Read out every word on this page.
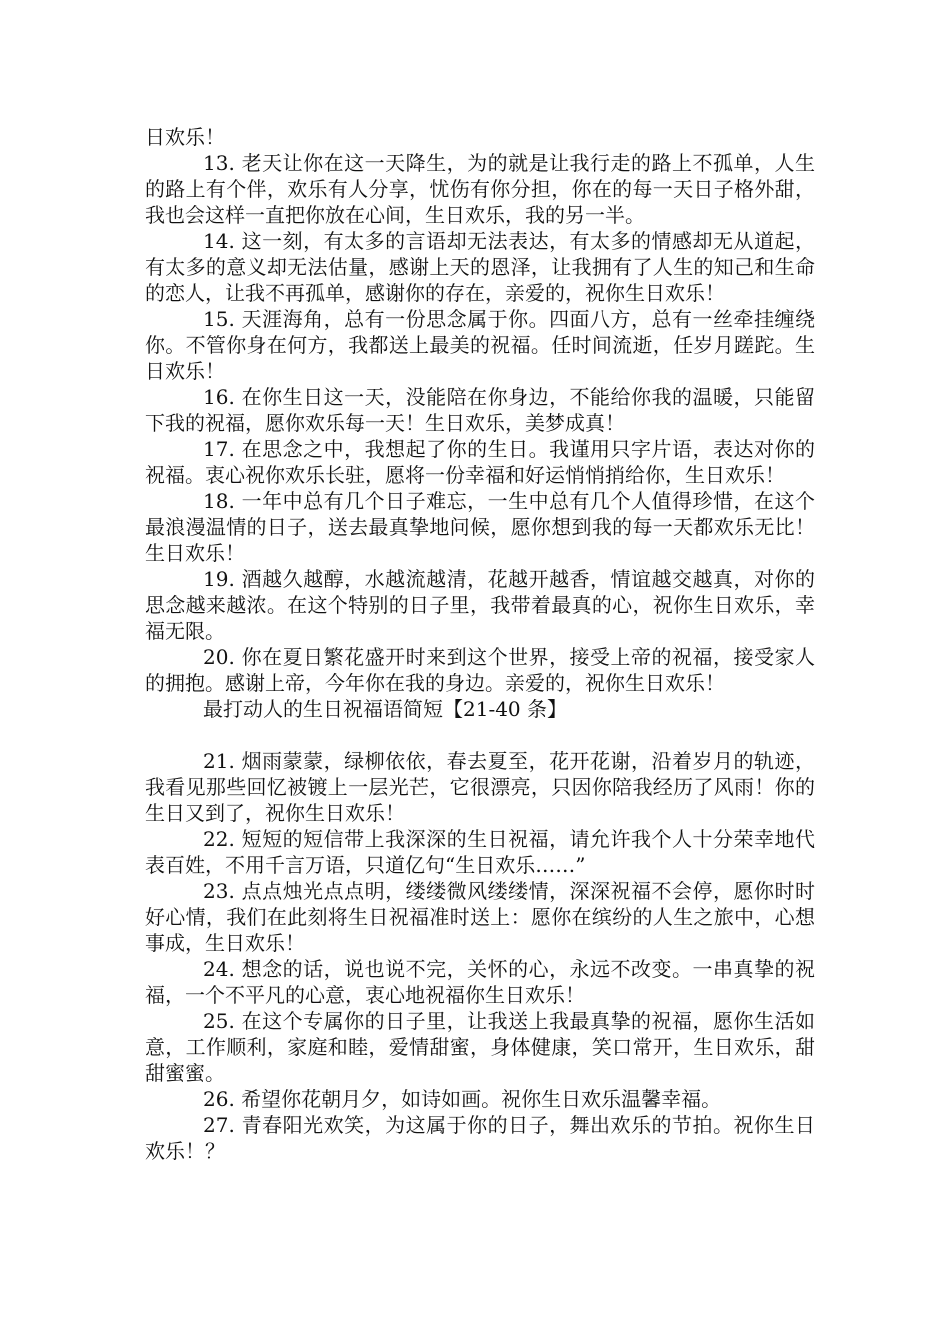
日欢乐！

13. 老天让你在这一天降生，为的就是让我行走的路上不孤单，人生的路上有个伴，欢乐有人分享，忧伤有你分担，你在的每一天日子格外甜，我也会这样一直把你放在心间，生日欢乐，我的另一半。

14. 这一刻，有太多的言语却无法表达，有太多的情感却无从道起，有太多的意义却无法估量，感谢上天的恩泽，让我拥有了人生的知己和生命的恋人，让我不再孤单，感谢你的存在，亲爱的，祝你生日欢乐！

15. 天涯海角，总有一份思念属于你。四面八方，总有一丝牵挂缠绕你。不管你身在何方，我都送上最美的祝福。任时间流逝，任岁月蹉跎。生日欢乐！

16. 在你生日这一天，没能陪在你身边，不能给你我的温暖，只能留下我的祝福，愿你欢乐每一天！生日欢乐，美梦成真！

17. 在思念之中，我想起了你的生日。我谨用只字片语，表达对你的祝福。衷心祝你欢乐长驻，愿将一份幸福和好运悄悄捎给你，生日欢乐！

18. 一年中总有几个日子难忘，一生中总有几个人值得珍惜，在这个最浪漫温情的日子，送去最真挚地问候，愿你想到我的每一天都欢乐无比！生日欢乐！

19. 酒越久越醇，水越流越清，花越开越香，情谊越交越真，对你的思念越来越浓。在这个特别的日子里，我带着最真的心，祝你生日欢乐，幸福无限。

20. 你在夏日繁花盛开时来到这个世界，接受上帝的祝福，接受家人的拥抱。感谢上帝，今年你在我的身边。亲爱的，祝你生日欢乐！

最打动人的生日祝福语简短【21-40 条】

21. 烟雨蒙蒙，绿柳依依，春去夏至，花开花谢，沿着岁月的轨迹，我看见那些回忆被镀上一层光芒，它很漂亮，只因你陪我经历了风雨！你的生日又到了，祝你生日欢乐！

22. 短短的短信带上我深深的生日祝福，请允许我个人十分荣幸地代表百姓，不用千言万语，只道亿句“生日欢乐……”

23. 点点烛光点点明，缕缕微风缕缕情，深深祝福不会停，愿你时时好心情，我们在此刻将生日祝福准时送上：愿你在缤纷的人生之旅中，心想事成，生日欢乐！

24. 想念的话，说也说不完，关怀的心，永远不改变。一串真挚的祝福，一个不平凡的心意，衷心地祝福你生日欢乐！

25. 在这个专属你的日子里，让我送上我最真挚的祝福，愿你生活如意，工作顺利，家庭和睦，爱情甜蜜，身体健康，笑口常开，生日欢乐，甜甜蜜蜜。

26. 希望你花朝月夕，如诗如画。祝你生日欢乐温馨幸福。

27. 青春阳光欢笑，为这属于你的日子，舞出欢乐的节拍。祝你生日欢乐！？
